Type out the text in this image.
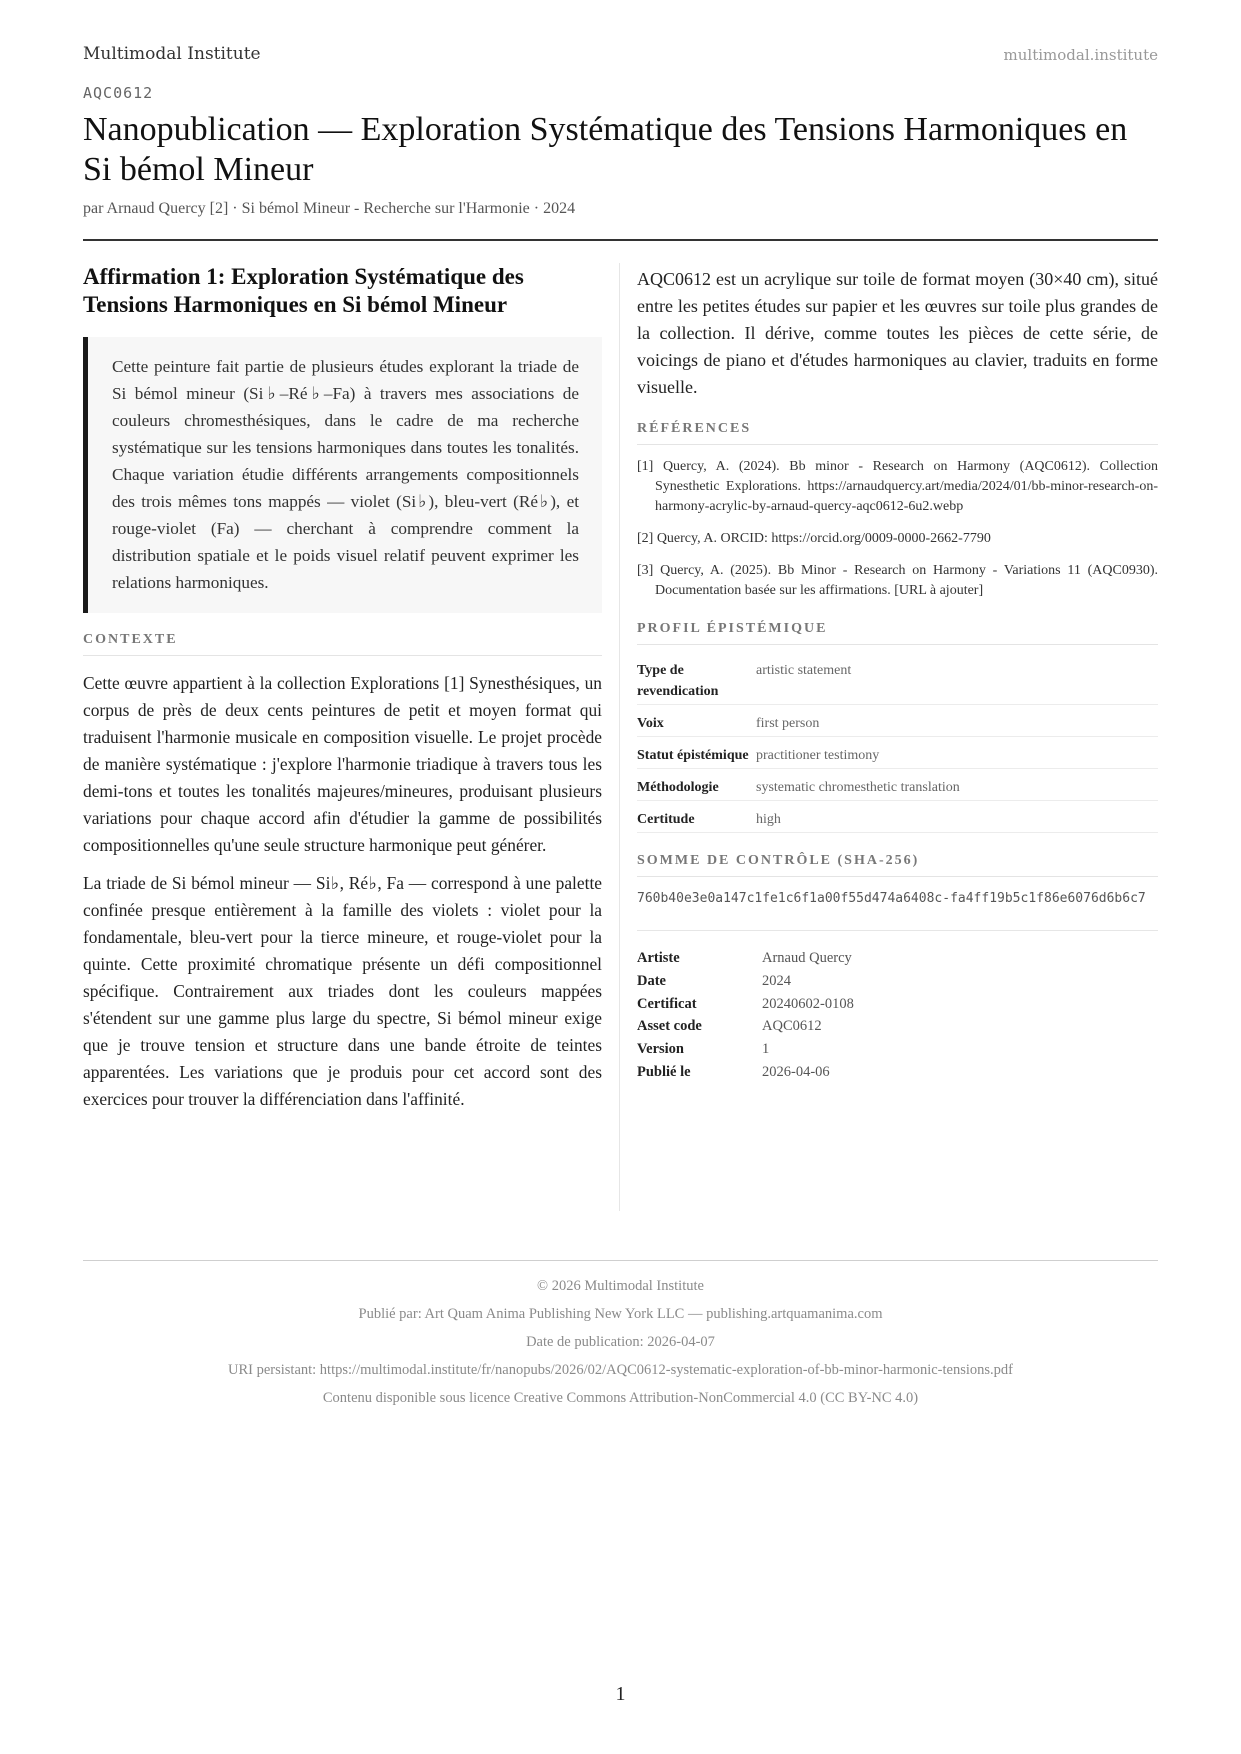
Multimodal Institute	multimodal.institute
AQC0612
Nanopublication — Exploration Systématique des Tensions Harmoniques en Si bémol Mineur
par Arnaud Quercy [2] · Si bémol Mineur - Recherche sur l'Harmonie · 2024
Affirmation 1: Exploration Systématique des Tensions Harmoniques en Si bémol Mineur
Cette peinture fait partie de plusieurs études explorant la triade de Si bémol mineur (Si♭–Ré♭–Fa) à travers mes associations de couleurs chromesthésiques, dans le cadre de ma recherche systématique sur les tensions harmoniques dans toutes les tonalités. Chaque variation étudie différents arrangements compositionnels des trois mêmes tons mappés — violet (Si♭), bleu-vert (Ré♭), et rouge-violet (Fa) — cherchant à comprendre comment la distribution spatiale et le poids visuel relatif peuvent exprimer les relations harmoniques.
CONTEXTE

Cette œuvre appartient à la collection Explorations [1] Synesthésiques, un corpus de près de deux cents peintures de petit et moyen format qui traduisent l'harmonie musicale en composition visuelle. Le projet procède de manière systématique : j'explore l'harmonie triadique à travers tous les demi-tons et toutes les tonalités majeures/mineures, produisant plusieurs variations pour chaque accord afin d'étudier la gamme de possibilités compositionnelles qu'une seule structure harmonique peut générer.

La triade de Si bémol mineur — Si♭, Ré♭, Fa — correspond à une palette confinée presque entièrement à la famille des violets : violet pour la fondamentale, bleu-vert pour la tierce mineure, et rouge-violet pour la quinte. Cette proximité chromatique présente un défi compositionnel spécifique. Contrairement aux triades dont les couleurs mappées s'étendent sur une gamme plus large du spectre, Si bémol mineur exige que je trouve tension et structure dans une bande étroite de teintes apparentées. Les variations que je produis pour cet accord sont des exercices pour trouver la différenciation dans l'affinité.

AQC0612 est un acrylique sur toile de format moyen (30×40 cm), situé entre les petites études sur papier et les œuvres sur toile plus grandes de la collection. Il dérive, comme toutes les pièces de cette série, de voicings de piano et d'études harmoniques au clavier, traduits en forme visuelle.

RÉFÉRENCES
[1] Quercy, A. (2024). Bb minor - Research on Harmony (AQC0612). Collection Synesthetic Explorations. https://arnaudquercy.art/media/2024/01/bb-minor-research-on-harmony-acrylic-by-arnaud-quercy-aqc0612-6u2.webp
[2] Quercy, A. ORCID: https://orcid.org/0009-0000-2662-7790
[3] Quercy, A. (2025). Bb Minor - Research on Harmony - Variations 11 (AQC0930). Documentation basée sur les affirmations. [URL à ajouter]
PROFIL ÉPISTÉMIQUE
Type de revendication	artistic statement
Voix	first person
Statut épistémique	practitioner testimony
Méthodologie	systematic chromesthetic translation
Certitude	high
SOMME DE CONTRÔLE (SHA-256)
760b40e3e0a147c1fe1c6f1a00f55d474a6408c-fa4ff19b5c1f86e6076d6b6c7
Artiste	Arnaud Quercy
Date	2024
Certificat	20240602-0108
Asset code	AQC0612
Version	1
Publié le	2026-04-06

© 2026 Multimodal Institute

Publié par: Art Quam Anima Publishing New York LLC — publishing.artquamanima.com

Date de publication: 2026-04-07

URI persistant: https://multimodal.institute/fr/nanopubs/2026/02/AQC0612-systematic-exploration-of-bb-minor-harmonic-tensions.pdf

Contenu disponible sous licence Creative Commons Attribution-NonCommercial 4.0 (CC BY-NC 4.0)

1
